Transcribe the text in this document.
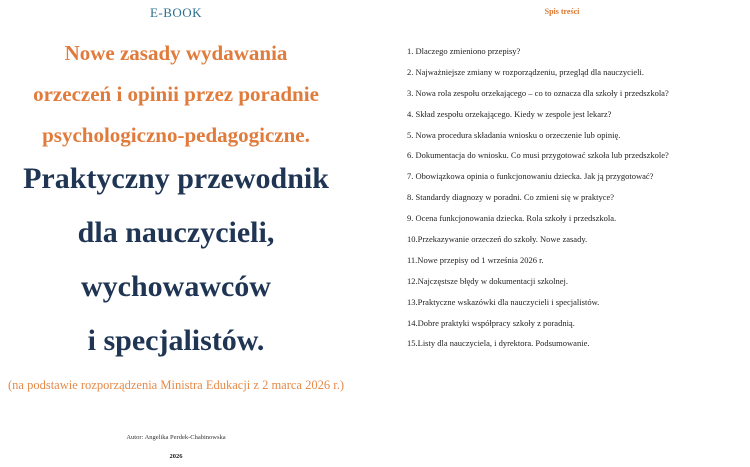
E-BOOK
Nowe zasady wydawania
orzeczeń i opinii przez poradnie
psychologiczno-pedagogiczne.
Praktyczny przewodnik
dla nauczycieli,
wychowawców
i specjalistów.
(na podstawie rozporządzenia Ministra Edukacji z 2 marca 2026 r.)
Autor: Angelika Perdek-Chabinowska
2026
Spis treści
1. Dlaczego zmieniono przepisy?
2. Najważniejsze zmiany w rozporządzeniu, przegląd dla nauczycieli.
3. Nowa rola zespołu orzekającego – co to oznacza dla szkoły i przedszkola?
4. Skład zespołu orzekającego. Kiedy w zespole jest lekarz?
5. Nowa procedura składania wniosku o orzeczenie lub opinię.
6. Dokumentacja do wniosku. Co musi przygotować szkoła lub przedszkole?
7. Obowiązkowa opinia o funkcjonowaniu dziecka. Jak ją przygotować?
8. Standardy diagnozy w poradni. Co zmieni się w praktyce?
9. Ocena funkcjonowania dziecka. Rola szkoły i przedszkola.
10.Przekazywanie orzeczeń do szkoły. Nowe zasady.
11.Nowe przepisy od 1 września 2026 r.
12.Najczęstsze błędy w dokumentacji szkolnej.
13.Praktyczne wskazówki dla nauczycieli i specjalistów.
14.Dobre praktyki współpracy szkoły z poradnią.
15.Listy dla nauczyciela, i dyrektora. Podsumowanie.
